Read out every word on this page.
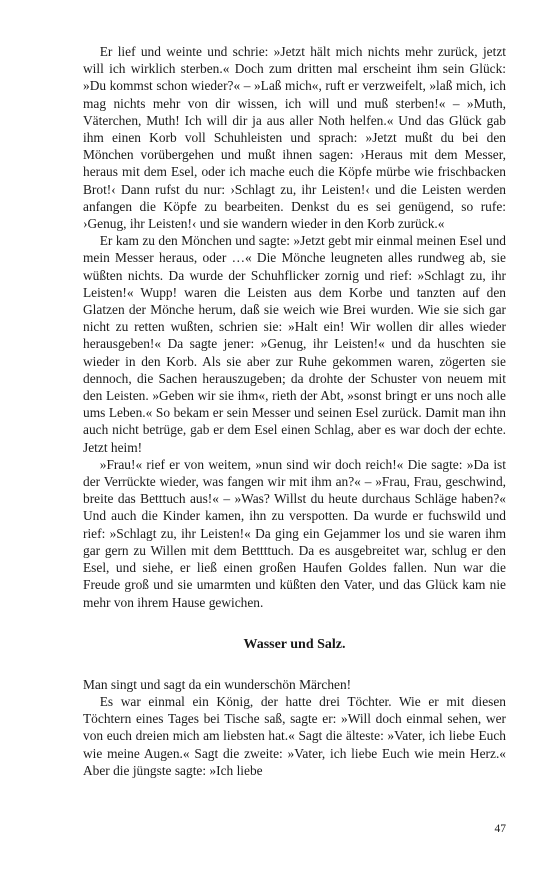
Er lief und weinte und schrie: »Jetzt hält mich nichts mehr zurück, jetzt will ich wirklich sterben.« Doch zum dritten mal erscheint ihm sein Glück: »Du kommst schon wieder?« – »Laß mich«, ruft er verzweifelt, »laß mich, ich mag nichts mehr von dir wissen, ich will und muß sterben!« – »Muth, Väterchen, Muth! Ich will dir ja aus aller Noth helfen.« Und das Glück gab ihm einen Korb voll Schuhleisten und sprach: »Jetzt mußt du bei den Mönchen vorübergehen und mußt ihnen sagen: ›Heraus mit dem Messer, heraus mit dem Esel, oder ich mache euch die Köpfe mürbe wie frischbacken Brot!‹ Dann rufst du nur: ›Schlagt zu, ihr Leisten!‹ und die Leisten werden anfangen die Köpfe zu bearbeiten. Denkst du es sei genügend, so rufe: ›Genug, ihr Leisten!‹ und sie wandern wieder in den Korb zurück.«

Er kam zu den Mönchen und sagte: »Jetzt gebt mir einmal meinen Esel und mein Messer heraus, oder …« Die Mönche leugneten alles rundweg ab, sie wüßten nichts. Da wurde der Schuhflicker zornig und rief: »Schlagt zu, ihr Leisten!« Wupp! waren die Leisten aus dem Korbe und tanzten auf den Glatzen der Mönche herum, daß sie weich wie Brei wurden. Wie sie sich gar nicht zu retten wußten, schrien sie: »Halt ein! Wir wollen dir alles wieder herausgeben!« Da sagte jener: »Genug, ihr Leisten!« und da huschten sie wieder in den Korb. Als sie aber zur Ruhe gekommen waren, zögerten sie dennoch, die Sachen herauszugeben; da drohte der Schuster von neuem mit den Leisten. »Geben wir sie ihm«, rieth der Abt, »sonst bringt er uns noch alle ums Leben.« So bekam er sein Messer und seinen Esel zurück. Damit man ihn auch nicht betrüge, gab er dem Esel einen Schlag, aber es war doch der echte. Jetzt heim!

»Frau!« rief er von weitem, »nun sind wir doch reich!« Die sagte: »Da ist der Verrückte wieder, was fangen wir mit ihm an?« – »Frau, Frau, geschwind, breite das Betttuch aus!« – »Was? Willst du heute durchaus Schläge haben?« Und auch die Kinder kamen, ihn zu verspotten. Da wurde er fuchswild und rief: »Schlagt zu, ihr Leisten!« Da ging ein Gejammer los und sie waren ihm gar gern zu Willen mit dem Bettttuch. Da es ausgebreitet war, schlug er den Esel, und siehe, er ließ einen großen Haufen Goldes fallen. Nun war die Freude groß und sie umarmten und küßten den Vater, und das Glück kam nie mehr von ihrem Hause gewichen.

Wasser und Salz.

Man singt und sagt da ein wunderschön Märchen!

Es war einmal ein König, der hatte drei Töchter. Wie er mit diesen Töchtern eines Tages bei Tische saß, sagte er: »Will doch einmal sehen, wer von euch dreien mich am liebsten hat.« Sagt die älteste: »Vater, ich liebe Euch wie meine Augen.« Sagt die zweite: »Vater, ich liebe Euch wie mein Herz.« Aber die jüngste sagte: »Ich liebe

47
